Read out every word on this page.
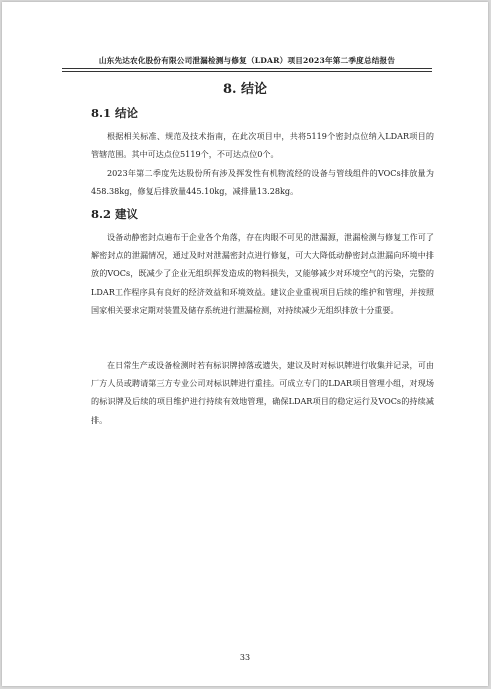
山东先达农化股份有限公司泄漏检测与修复（LDAR）项目2023年第二季度总结报告
8. 结论
8.1 结论

根据相关标准、规范及技术指南，在此次项目中，共将5119个密封点位纳入LDAR项目的管辖范围。其中可达点位5119个，不可达点位0个。

2023年第二季度先达股份所有涉及挥发性有机物流经的设备与管线组件的VOCs排放量为458.38kg，修复后排放量445.10kg，减排量13.28kg。

8.2 建议

设备动静密封点遍布于企业各个角落，存在肉眼不可见的泄漏源，泄漏检测与修复工作可了解密封点的泄漏情况，通过及时对泄漏密封点进行修复，可大大降低动静密封点泄漏向环境中排放的VOCs，既减少了企业无组织挥发造成的物料损失，又能够减少对环境空气的污染，完整的LDAR工作程序具有良好的经济效益和环境效益。建议企业重视项目后续的维护和管理，并按照国家相关要求定期对装置及储存系统进行泄漏检测，对持续减少无组织排放十分重要。

在日常生产或设备检测时若有标识牌掉落或遗失，建议及时对标识牌进行收集并记录，可由厂方人员或聘请第三方专业公司对标识牌进行重挂。可成立专门的LDAR项目管理小组，对现场的标识牌及后续的项目维护进行持续有效地管理，确保LDAR项目的稳定运行及VOCs的持续减排。

33
